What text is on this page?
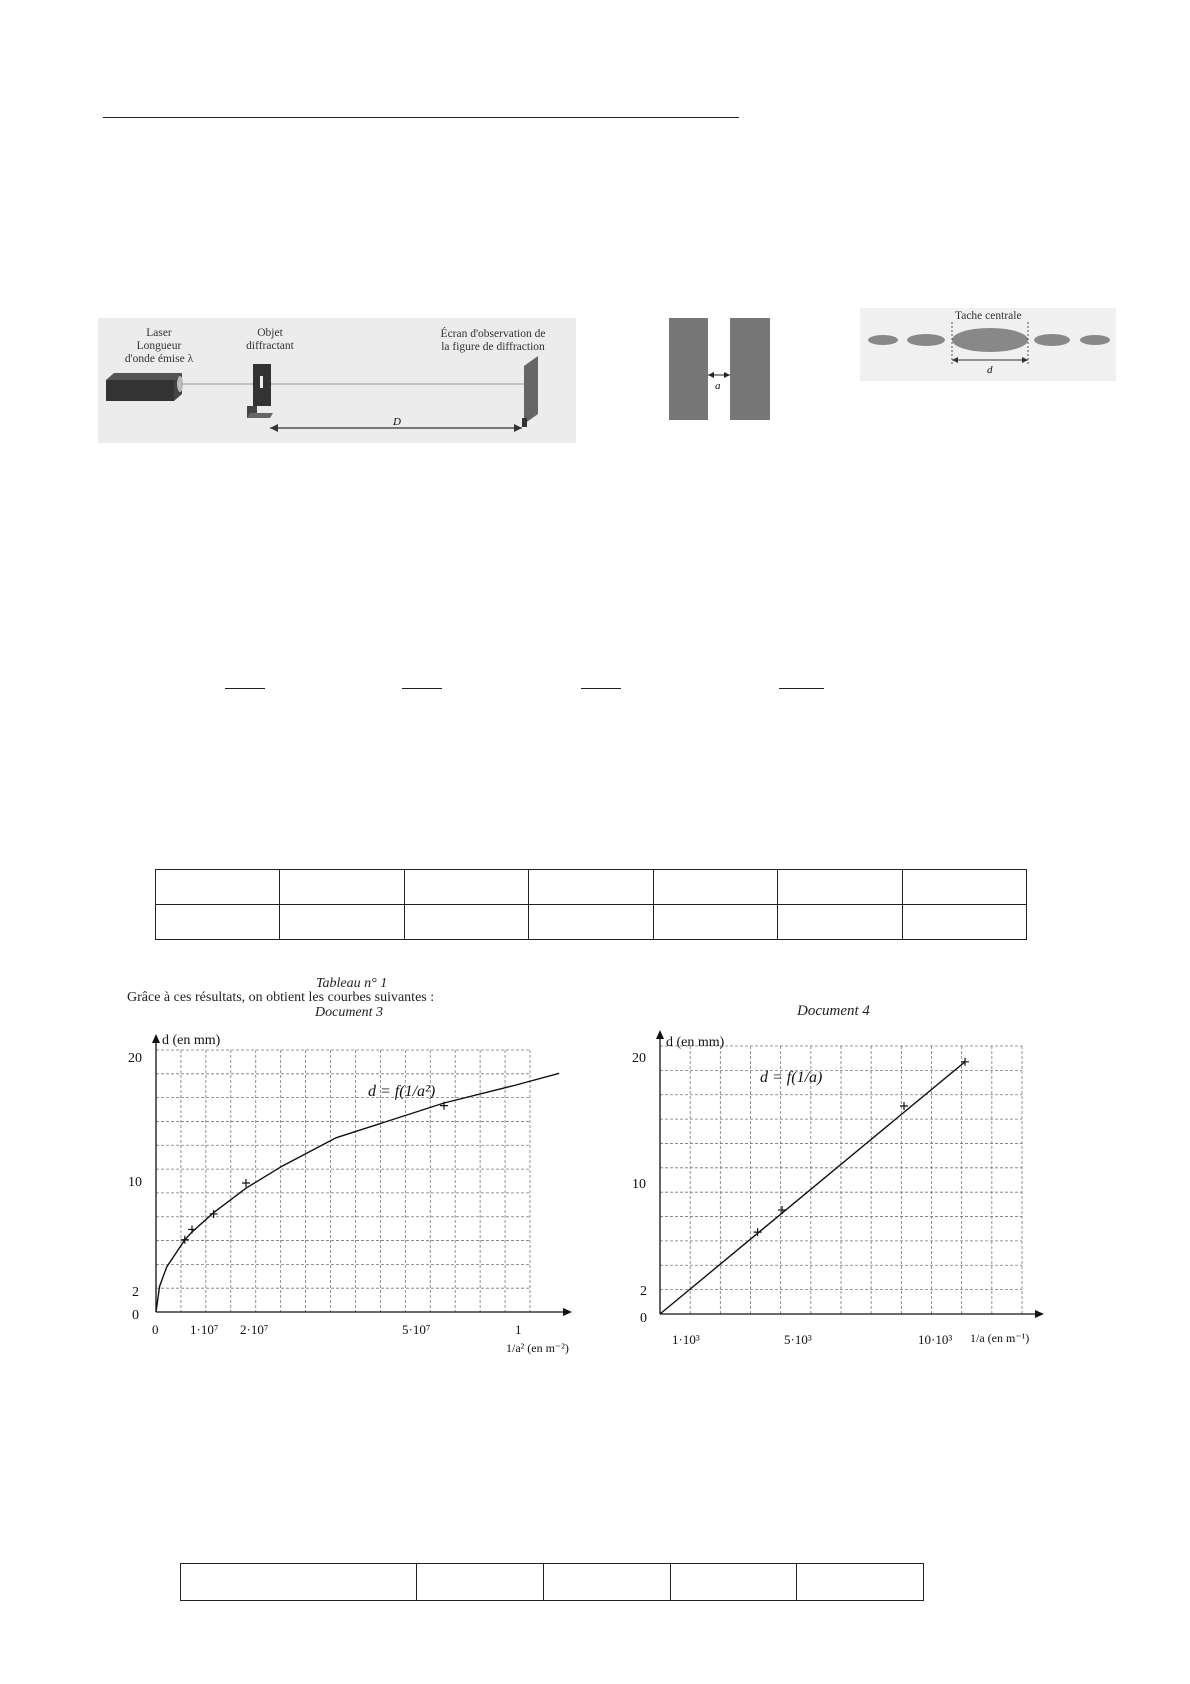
Laser
Longueur
d'onde émise λ
Objet
diffractant
Écran d'observation de
la figure de diffraction
D
a
d
Tache centrale

Tableau n° 1
Grâce à ces résultats, on obtient les courbes suivantes :
Document 3	Document 4
d (en mm)
d = f(1/a²)
0
2
10
20
0 1·10⁷ 2·10⁷	5·10⁷	1
1/a² (en m⁻²)
d (en mm)
d = f(1/a)
0
2
10
20
1·10³	5·10³	10·10³ 1/a (en m⁻¹)
